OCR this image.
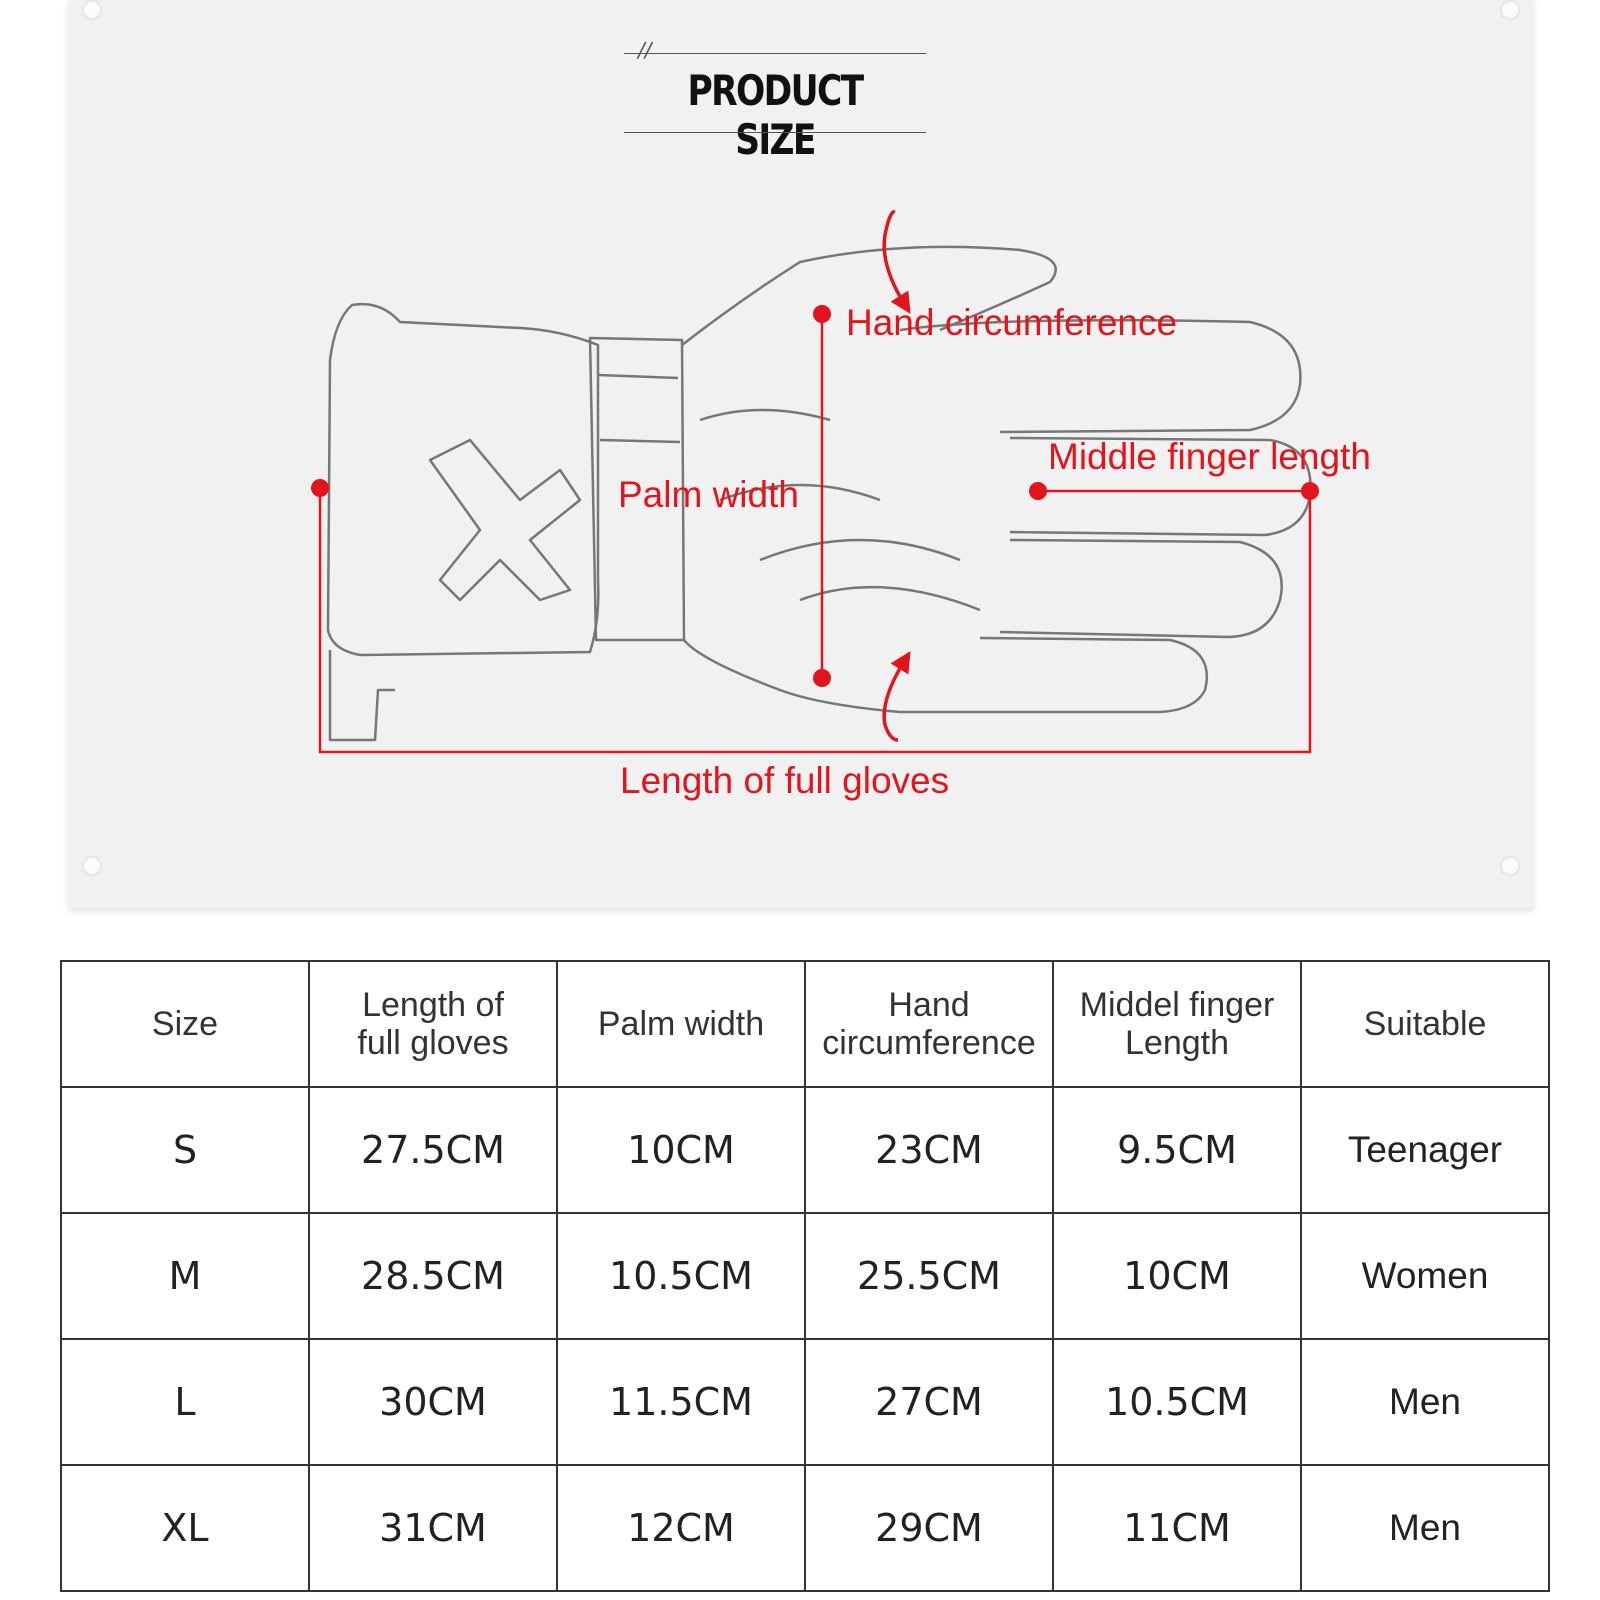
//
PRODUCT SIZE
Hand circumference
Middle finger length
Palm width
Length of full gloves
Size	Length of full gloves	Palm width	Hand circumference	Middel finger Length	Suitable
S	27.5CM	10CM	23CM	9.5CM	Teenager
M	28.5CM	10.5CM	25.5CM	10CM	Women
L	30CM	11.5CM	27CM	10.5CM	Men
XL	31CM	12CM	29CM	11CM	Men
